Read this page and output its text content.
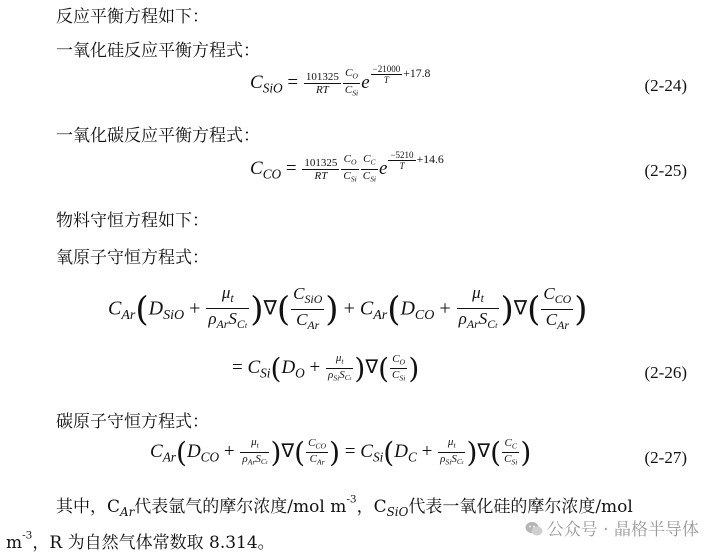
反应平衡方程如下：
一氧化硅反应平衡方程式：
$C_{SiO} = \frac{101325}{RT} \frac{C_O}{C_{Si}}$ e $^{\frac{-21000}{T} +17.8}$
(2-24)
一氧化碳反应平衡方程式：
$C_{CO} = \frac{101325}{RT} \frac{C_O}{C_{Si}} \frac{C_C}{C_{Si}}$ e $^{\frac{-5210}{T} +14.6}$
(2-25)
物料守恒方程如下：
氧原子守恒方程式：
$C_{Ar}(D_{SiO} + \frac{\mu_t}{\rho_{Ar}S_{Ct}}$ )∇( $\frac{C_{SiO}}{C_{Ar}}$ ) + $C_{Ar}(D_{CO} + \frac{\mu_t}{\rho_{Ar}S_{Ct}}$ )∇( $\frac{C_{CO}}{C_{Ar}}$ )
= $C_{Si}(D_O + \frac{\mu_t}{\rho_{Si}S_{Ct}}$ )∇( $\frac{C_O}{C_{Si}}$ )	(2-26)
碳原子守恒方程式：
$C_{Ar}(D_{CO} + \frac{\mu_t}{\rho_{Ar}S_{Ct}}$ )∇( $\frac{C_{CO}}{C_{Ar}}$ ) = $C_{Si}(D_C + \frac{\mu_t}{\rho_{Si}S_{Ct}}$ )∇( $\frac{C_C}{C_{Si}}$ )	(2-27)
其中，$C_{Ar}$代表氩气的摩尔浓度/mol $m^{-3}$，$C_{SiO}$代表一氧化硅的摩尔浓度/mol
$m^{-3}$，R 为自然气体常数取 8.314。
公众号 · 晶格半导体
